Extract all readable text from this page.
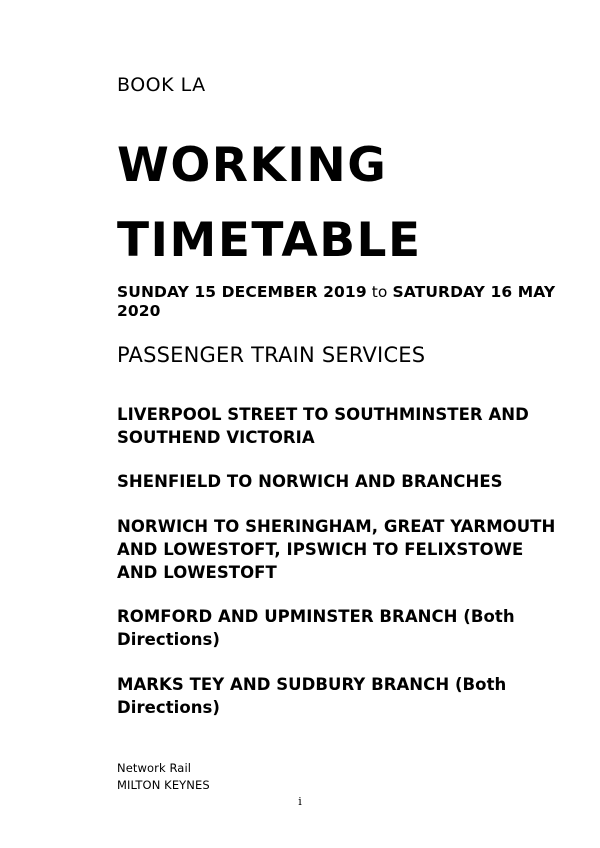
BOOK LA
WORKING
TIMETABLE
SUNDAY 15 DECEMBER 2019 to SATURDAY 16 MAY 2020
PASSENGER TRAIN SERVICES
LIVERPOOL STREET TO SOUTHMINSTER AND SOUTHEND VICTORIA
SHENFIELD TO NORWICH AND BRANCHES
NORWICH TO SHERINGHAM, GREAT YARMOUTH AND LOWESTOFT, IPSWICH TO FELIXSTOWE AND LOWESTOFT
ROMFORD AND UPMINSTER BRANCH (Both Directions)
MARKS TEY AND SUDBURY BRANCH (Both Directions)
Network Rail
MILTON KEYNES
i
